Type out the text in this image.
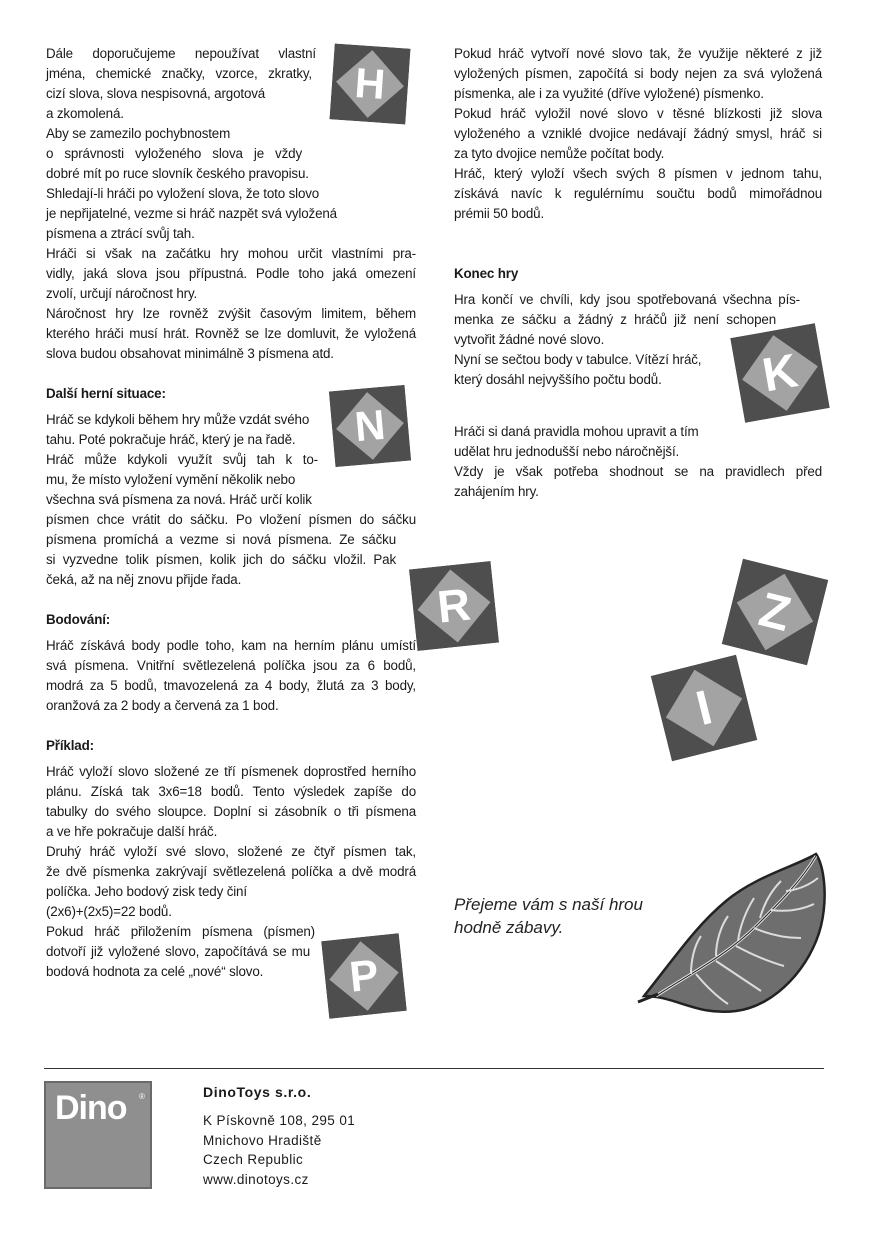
Dále doporučujeme nepoužívat vlastní

jména, chemické značky, vzorce, zkratky,

cizí slova, slova nespisovná, argotová

a zkomolená.

Aby se zamezilo pochybnostem

o správnosti vyloženého slova je vždy

dobré mít po ruce slovník českého pravopisu.

Shledají-li hráči po vyložení slova, že toto slovo

je nepřijatelné, vezme si hráč nazpět svá vyložená

písmena a ztrácí svůj tah.

Hráči si však na začátku hry mohou určit vlastními pra-

vidly, jaká slova jsou přípustná. Podle toho jaká omezení

zvolí, určují náročnost hry.

Náročnost hry lze rovněž zvýšit časovým limitem, během

kterého hráči musí hrát. Rovněž se lze domluvit, že vyložená

slova budou obsahovat minimálně 3 písmena atd.

Další herní situace:

Hráč se kdykoli během hry může vzdát svého

tahu. Poté pokračuje hráč, který je na řadě.

Hráč může kdykoli využít svůj tah k to-

mu, že místo vyložení vymění několik nebo

všechna svá písmena za nová. Hráč určí kolik

písmen chce vrátit do sáčku. Po vložení písmen do sáčku

písmena promíchá a vezme si nová písmena. Ze sáčku

si vyzvedne tolik písmen, kolik jich do sáčku vložil. Pak

čeká, až na něj znovu přijde řada.

Bodování:

Hráč získává body podle toho, kam na herním plánu umístí

svá písmena. Vnitřní světlezelená políčka jsou za 6 bodů,

modrá za 5 bodů, tmavozelená za 4 body, žlutá za 3 body,

oranžová za 2 body a červená za 1 bod.

Příklad:

Hráč vyloží slovo složené ze tří písmenek doprostřed herního

plánu. Získá tak 3x6=18 bodů. Tento výsledek zapíše do

tabulky do svého sloupce. Doplní si zásobník o tři písmena

a ve hře pokračuje další hráč.

Druhý hráč vyloží své slovo, složené ze čtyř písmen tak,

že dvě písmenka zakrývají světlezelená políčka a dvě modrá

políčka. Jeho bodový zisk tedy činí

(2x6)+(2x5)=22 bodů.

Pokud hráč přiložením písmena (písmen)

dotvoří již vyložené slovo, započítává se mu

bodová hodnota za celé „nové“ slovo.

Pokud hráč vytvoří nové slovo tak, že využije některé z již

vyložených písmen, započítá si body nejen za svá vyložená

písmenka, ale i za využité (dříve vyložené) písmenko.

Pokud hráč vyložil nové slovo v těsné blízkosti již slova

vyloženého a vzniklé dvojice nedávají žádný smysl, hráč si

za tyto dvojice nemůže počítat body.

Hráč, který vyloží všech svých 8 písmen v jednom tahu,

získává navíc k regulérnímu součtu bodů mimořádnou

prémii 50 bodů.

Konec hry

Hra končí ve chvíli, kdy jsou spotřebovaná všechna pís-

menka ze sáčku a žádný z hráčů již není schopen

vytvořit žádné nové slovo.

Nyní se sečtou body v tabulce. Vítězí hráč,

který dosáhl nejvyššího počtu bodů.

Hráči si daná pravidla mohou upravit a tím

udělat hru jednodušší nebo náročnější.

Vždy je však potřeba shodnout se na pravidlech před

zahájením hry.

H
N
R
P
K
Z
I
Přejeme vám s naší hrou
hodně zábavy.
Dino ®	DinoToys s.r.o.
K Pískovně 108, 295 01
Mnichovo Hradiště
Czech Republic
www.dinotoys.cz
